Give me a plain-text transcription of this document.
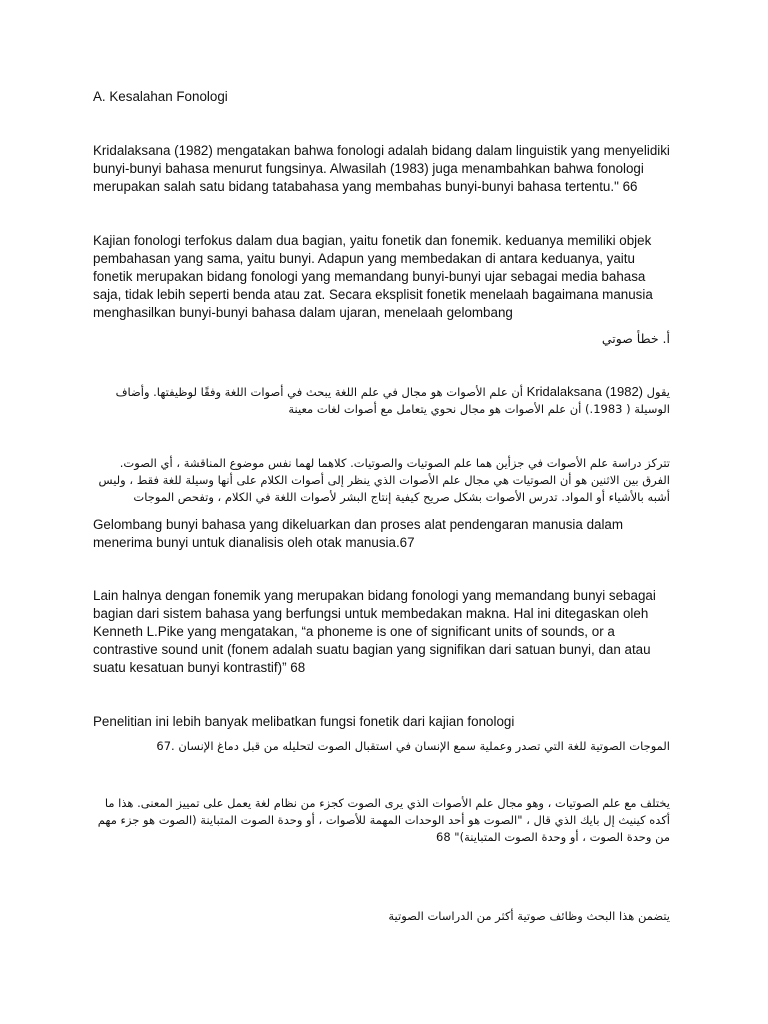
A. Kesalahan Fonologi

Kridalaksana (1982) mengatakan bahwa fonologi adalah bidang dalam linguistik yang menyelidiki bunyi-bunyi bahasa menurut fungsinya. Alwasilah (1983) juga menambahkan bahwa fonologi merupakan salah satu bidang tatabahasa yang membahas bunyi-bunyi bahasa tertentu." 66

Kajian fonologi terfokus dalam dua bagian, yaitu fonetik dan fonemik. keduanya memiliki objek pembahasan yang sama, yaitu bunyi. Adapun yang membedakan di antara keduanya, yaitu fonetik merupakan bidang fonologi yang memandang bunyi-bunyi ujar sebagai media bahasa saja, tidak lebih seperti benda atau zat. Secara eksplisit fonetik menelaah bagaimana manusia menghasilkan bunyi-bunyi bahasa dalam ujaran, menelaah gelombang

أ. خطأ صوتي

يقول Kridalaksana (1982) أن علم الأصوات هو مجال في علم اللغة يبحث في أصوات اللغة وفقًا لوظيفتها. وأضاف الوسيلة ( 1983.) أن علم الأصوات هو مجال نحوي يتعامل مع أصوات لغات معينة

تتركز دراسة علم الأصوات في جزأين هما علم الصوتيات والصوتيات. كلاهما لهما نفس موضوع المناقشة ، أي الصوت. الفرق بين الاثنين هو أن الصوتيات هي مجال علم الأصوات الذي ينظر إلى أصوات الكلام على أنها وسيلة للغة فقط ، وليس أشبه بالأشياء أو المواد. تدرس الأصوات بشكل صريح كيفية إنتاج البشر لأصوات اللغة في الكلام ، وتفحص الموجات

Gelombang bunyi bahasa yang dikeluarkan dan proses alat pendengaran manusia dalam menerima bunyi untuk dianalisis oleh otak manusia.67

Lain halnya dengan fonemik yang merupakan bidang fonologi yang memandang bunyi sebagai bagian dari sistem bahasa yang berfungsi untuk membedakan makna. Hal ini ditegaskan oleh Kenneth L.Pike yang mengatakan, “a phoneme is one of significant units of sounds, or a contrastive sound unit (fonem adalah suatu bagian yang signifikan dari satuan bunyi, dan atau suatu kesatuan bunyi kontrastif)” 68

Penelitian ini lebih banyak melibatkan fungsi fonetik dari kajian fonologi

الموجات الصوتية للغة التي تصدر وعملية سمع الإنسان في استقبال الصوت لتحليله من قبل دماغ الإنسان .67

يختلف مع علم الصوتيات ، وهو مجال علم الأصوات الذي يرى الصوت كجزء من نظام لغة يعمل على تمييز المعنى. هذا ما أكده كينيث إل بايك الذي قال ، "الصوت هو أحد الوحدات المهمة للأصوات ، أو وحدة الصوت المتباينة (الصوت هو جزء مهم من وحدة الصوت ، أو وحدة الصوت المتباينة)" 68

يتضمن هذا البحث وظائف صوتية أكثر من الدراسات الصوتية
